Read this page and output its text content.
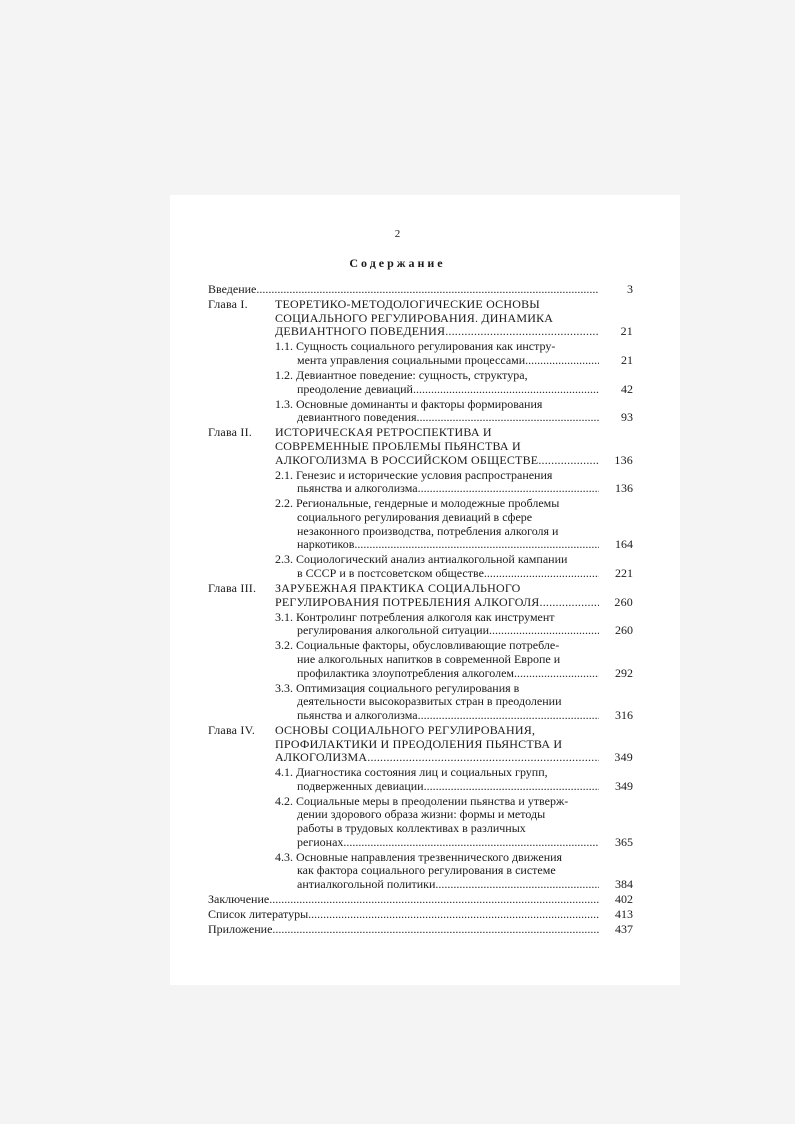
2
Содержание
Введение .....	3
Глава I. ТЕОРЕТИКО-МЕТОДОЛОГИЧЕСКИЕ ОСНОВЫ
СОЦИАЛЬНОГО РЕГУЛИРОВАНИЯ. ДИНАМИКА
ДЕВИАНТНОГО ПОВЕДЕНИЯ .....	21
1.1. Сущность социального регулирования как инстру-
мента управления социальными процессами .....	21
1.2. Девиантное поведение: сущность, структура,
преодоление девиаций .....	42
1.3. Основные доминанты и факторы формирования
девиантного поведения .....	93
Глава II. ИСТОРИЧЕСКАЯ РЕТРОСПЕКТИВА И
СОВРЕМЕННЫЕ ПРОБЛЕМЫ ПЬЯНСТВА И
АЛКОГОЛИЗМА В РОССИЙСКОМ ОБЩЕСТВЕ.. .....	136
2.1. Генезис и исторические условия распространения
пьянства и алкоголизма .....	136
2.2. Региональные, гендерные и молодежные проблемы
социального регулирования девиаций в сфере
незаконного производства, потребления алкоголя и
наркотиков. .....	164
2.3. Социологический анализ антиалкогольной кампании
в СССР и в постсоветском обществе .....	221
Глава III. ЗАРУБЕЖНАЯ ПРАКТИКА СОЦИАЛЬНОГО
РЕГУЛИРОВАНИЯ ПОТРЕБЛЕНИЯ АЛКОГОЛЯ .....	260
3.1. Контролинг потребления алкоголя как инструмент
регулирования алкогольной ситуации .....	260
3.2. Социальные факторы, обусловливающие потребле-
ние алкогольных напитков в современной Европе и
профилактика злоупотребления алкоголем .....	292
3.3. Оптимизация социального регулирования в
деятельности высокоразвитых стран в преодолении
пьянства и алкоголизма .....	316
Глава IV. ОСНОВЫ СОЦИАЛЬНОГО РЕГУЛИРОВАНИЯ,
ПРОФИЛАКТИКИ И ПРЕОДОЛЕНИЯ ПЬЯНСТВА И
АЛКОГОЛИЗМА .....	349
4.1. Диагностика состояния лиц и социальных групп,
подверженных девиации .....	349
4.2. Социальные меры в преодолении пьянства и утверж-
дении здорового образа жизни: формы и методы
работы в трудовых коллективах в различных
регионах .....	365
4.3. Основные направления трезвеннического движения
как фактора социального регулирования в системе
антиалкогольной политики .....	384
Заключение .....	402
Список литературы .....	413
Приложение .....	437
